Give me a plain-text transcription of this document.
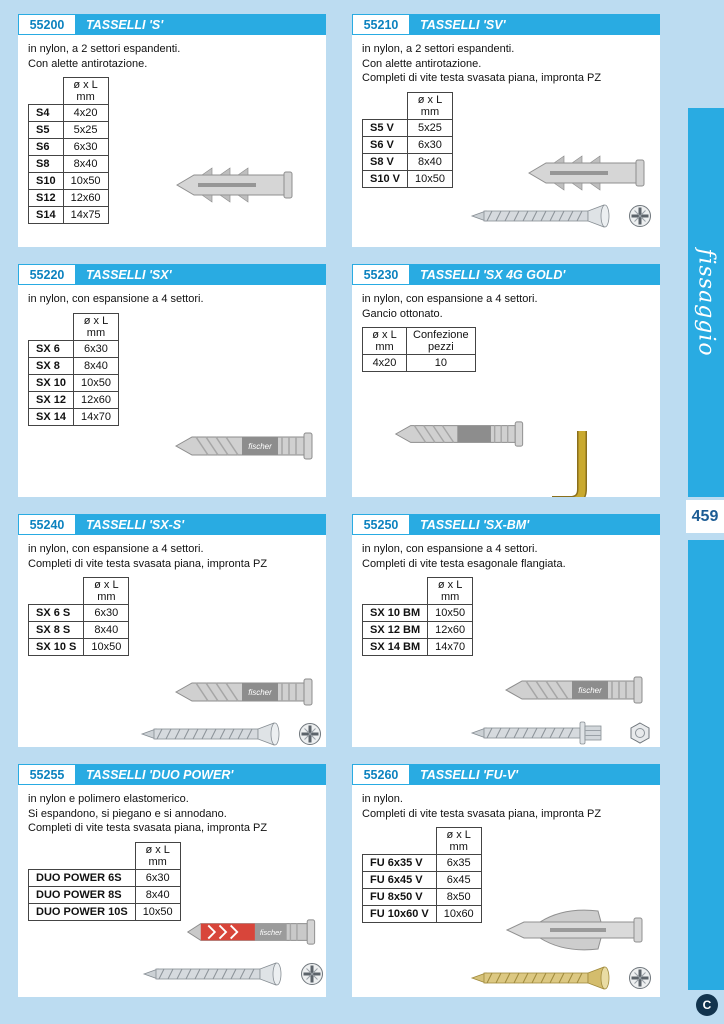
55200	TASSELLI 'S'

in nylon, a 2 settori espandenti.
Con alette antirotazione.

	ø x L
mm
S4	4x20
S5	5x25
S6	6x30
S8	8x40
S10	10x50
S12	12x60
S14	14x75
55210	TASSELLI 'SV'

in nylon, a 2 settori espandenti.
Con alette antirotazione.
Completi di vite testa svasata piana, impronta PZ

	ø x L
mm
S5 V	5x25
S6 V	6x30
S8 V	8x40
S10 V	10x50
55220	TASSELLI 'SX'

in nylon, con espansione a 4 settori.

	ø x L
mm
SX 6	6x30
SX 8	8x40
SX 10	10x50
SX 12	12x60
SX 14	14x70
fischer
55230	TASSELLI 'SX 4G GOLD'

in nylon, con espansione a 4 settori.
Gancio ottonato.

ø x L
mm	Confezione
pezzi
4x20	10
55240	TASSELLI 'SX-S'

in nylon, con espansione a 4 settori.
Completi di vite testa svasata piana, impronta PZ

	ø x L
mm
SX 6 S	6x30
SX 8 S	8x40
SX 10 S	10x50
fischer
55250	TASSELLI 'SX-BM'

in nylon, con espansione a 4 settori.
Completi di vite testa esagonale flangiata.

	ø x L
mm
SX 10 BM	10x50
SX 12 BM	12x60
SX 14 BM	14x70
fischer
55255	TASSELLI 'DUO POWER'

in nylon e polimero elastomerico.
Si espandono, si piegano e si annodano.
Completi di vite testa svasata piana, impronta PZ

	ø x L
mm
DUO POWER 6S	6x30
DUO POWER 8S	8x40
DUO POWER 10S	10x50
fischer
55260	TASSELLI 'FU-V'

in nylon.
Completi di vite testa svasata piana, impronta PZ

	ø x L
mm
FU 6x35 V	6x35
FU 6x45 V	6x45
FU 8x50 V	8x50
FU 10x60 V	10x60
fissaggio
459
C
